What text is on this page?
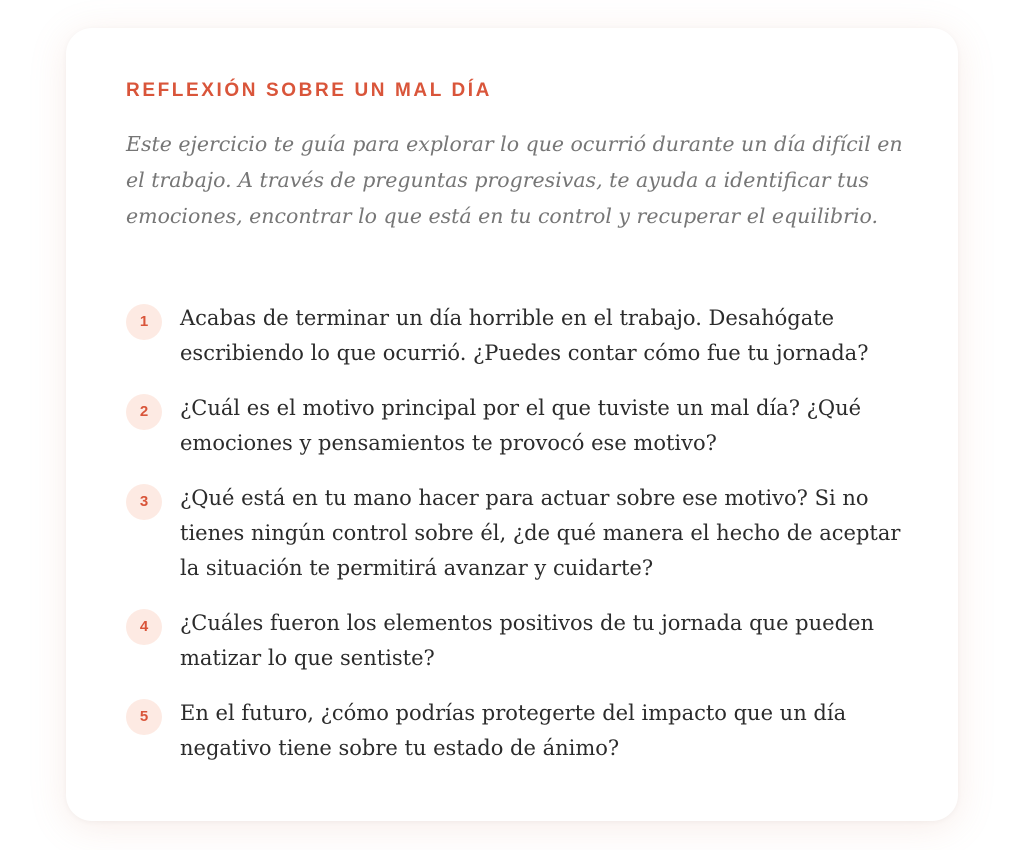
REFLEXIÓN SOBRE UN MAL DÍA

Este ejercicio te guía para explorar lo que ocurrió durante un día difícil en el trabajo. A través de preguntas progresivas, te ayuda a identificar tus emociones, encontrar lo que está en tu control y recuperar el equilibrio.

1	Acabas de terminar un día horrible en el trabajo. Desahógate escribiendo lo que ocurrió. ¿Puedes contar cómo fue tu jornada?

2	¿Cuál es el motivo principal por el que tuviste un mal día? ¿Qué emociones y pensamientos te provocó ese motivo?

3	¿Qué está en tu mano hacer para actuar sobre ese motivo? Si no tienes ningún control sobre él, ¿de qué manera el hecho de aceptar la situación te permitirá avanzar y cuidarte?

4	¿Cuáles fueron los elementos positivos de tu jornada que pueden matizar lo que sentiste?

5	En el futuro, ¿cómo podrías protegerte del impacto que un día negativo tiene sobre tu estado de ánimo?
